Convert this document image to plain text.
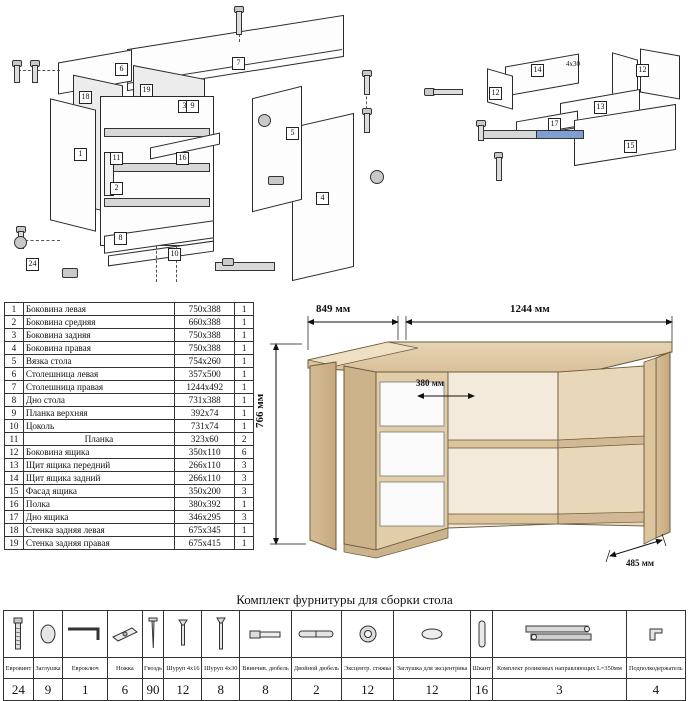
6
7
18
19
3 9
5
1	11	16
2
8
10
24
4
14	12
12
13
17
15
4х30
1	Боковина левая	750x388	1
2	Боковина средняя	660x388	1
3	Боковина задняя	750x388	1
4	Боковина правая	750x388	1
5	Вязка стола	754x260	1
6	Столешница левая	357x500	1
7	Столешница правая	1244x492	1
8	Дно стола	731x388	1
9	Планка верхняя	392x74	1
10	Цоколь	731x74	1
11	Планка	323x60	2
12	Боковина ящика	350x110	6
13	Щит ящика передний	266x110	3
14	Щит ящика задний	266x110	3
15	Фасад ящика	350x200	3
16	Полка	380x392	1
17	Дно ящика	346x295	3
18	Стенка задняя левая	675x345	1
19	Стенка задняя правая	675x415	1
1244 мм
849 мм
766 мм
380 мм
485 мм
Комплект фурнитуры для сборки стола

Евровинт	Заглушка	Евроключ	Ножка	Гвоздь	Шуруп 4х16	Шуруп 4х30	Ввинчив. дюбель	Двойной дюбель	Эксцентр. стяжка	Заглушка для эксцентрика	Шкант	Комплект роликовых направляющих L=350мм	Подполкодержатель
24	9	1	6	90	12	8	8	2	12	12	16	3	4
